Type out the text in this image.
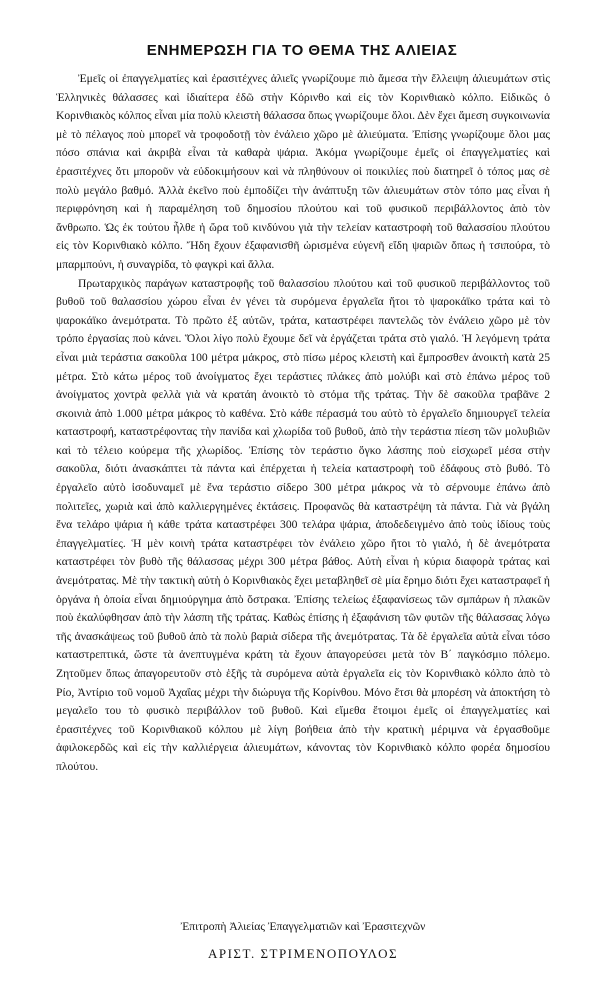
ΕΝΗΜΕΡΩΣΗ ΓΙΑ ΤΟ ΘΕΜΑ ΤΗΣ ΑΛΙΕΙΑΣ

Ἐμεῖς οἱ ἐπαγγελματίες καὶ ἐρασιτέχνες ἁλιεῖς γνωρίζουμε πιὸ ἄμεσα τὴν ἔλλειψη ἀλιευμάτων στὶς Ἑλληνικὲς θάλασσες καὶ ἰδιαίτερα ἐδῶ στὴν Κόρινθο καὶ εἰς τὸν Κορινθιακὸ κόλπο. Εἰδικῶς ὁ Κορινθιακὸς κόλπος εἶναι μία πολὺ κλειστὴ θάλασσα ὅπως γνωρίζουμε ὅλοι. Δὲν ἔχει ἄμεση συγκοινωνία μὲ τὸ πέλαγος ποὺ μπορεῖ νὰ τροφοδοτῇ τὸν ἐνάλειο χῶρο μὲ ἀλιεύματα. Ἐπίσης γνωρίζουμε ὅλοι μας πόσο σπάνια καὶ ἀκριβὰ εἶναι τὰ καθαρὰ ψάρια. Ἀκόμα γνωρίζουμε ἐμεῖς οἱ ἐπαγγελματίες καὶ ἐρασιτέχνες ὅτι μποροῦν νὰ εὐδοκιμήσουν καὶ νὰ πληθύνουν οἱ ποικιλίες ποὺ διατηρεῖ ὁ τόπος μας σὲ πολὺ μεγάλο βαθμό. Ἀλλὰ ἐκεῖνο ποὺ ἐμποδίζει τὴν ἀνάπτυξη τῶν ἀλιευμάτων στὸν τόπο μας εἶναι ἡ περιφρόνηση καὶ ἡ παραμέληση τοῦ δημοσίου πλούτου καὶ τοῦ φυσικοῦ περιβάλλοντος ἀπὸ τὸν ἄνθρωπο. Ὡς ἐκ τούτου ἦλθε ἡ ὥρα τοῦ κινδύνου γιὰ τὴν τελείαν καταστροφὴ τοῦ θαλασσίου πλούτου εἰς τὸν Κορινθιακὸ κόλπο. Ἤδη ἔχουν ἐξαφανισθῆ ὡρισμένα εὐγενῆ εἴδη ψαριῶν ὅπως ἡ τσιπούρα, τὸ μπαρμπούνι, ἡ συναγρίδα, τὸ φαγκρὶ καὶ ἄλλα.

Πρωταρχικὸς παράγων καταστροφῆς τοῦ θαλασσίου πλούτου καὶ τοῦ φυσικοῦ περιβάλλοντος τοῦ βυθοῦ τοῦ θαλασσίου χώρου εἶναι ἐν γένει τὰ συρόμενα ἐργαλεῖα ἤτοι τὸ ψαροκάϊκο τράτα καὶ τὸ ψαροκάϊκο ἀνεμότρατα. Τὸ πρῶτο ἐξ αὐτῶν, τράτα, καταστρέφει παντελῶς τὸν ἐνάλειο χῶρο μὲ τὸν τρόπο ἐργασίας ποὺ κάνει. Ὅλοι λίγο πολὺ ἔχουμε δεῖ νὰ ἐργάζεται τράτα στὸ γιαλό. Ἡ λεγόμενη τράτα εἶναι μιὰ τεράστια σακοῦλα 100 μέτρα μάκρος, στὸ πίσω μέρος κλειστὴ καὶ ἔμπροσθεν ἀνοικτὴ κατὰ 25 μέτρα. Στὸ κάτω μέρος τοῦ ἀνοίγματος ἔχει τεράστιες πλάκες ἀπὸ μολύβι καὶ στὸ ἐπάνω μέρος τοῦ ἀνοίγματος χοντρὰ φελλὰ γιὰ νὰ κρατάη ἀνοικτὸ τὸ στόμα τῆς τράτας. Τὴν δὲ σακοῦλα τραβᾶνε 2 σκοινιὰ ἀπὸ 1.000 μέτρα μάκρος τὸ καθένα. Στὸ κάθε πέρασμά του αὐτὸ τὸ ἐργαλεῖο δημιουργεῖ τελεία καταστροφή, καταστρέφοντας τὴν πανίδα καὶ χλωρίδα τοῦ βυθοῦ, ἀπὸ τὴν τεράστια πίεση τῶν μολυβιῶν καὶ τὸ τέλειο κούρεμα τῆς χλωρίδος. Ἐπίσης τὸν τεράστιο ὄγκο λάσπης ποὺ εἰσχωρεῖ μέσα στὴν σακοῦλα, διότι ἀνασκάπτει τὰ πάντα καὶ ἐπέρχεται ἡ τελεία καταστροφὴ τοῦ ἐδάφους στὸ βυθό. Τὸ ἐργαλεῖο αὐτὸ ἰσοδυναμεῖ μὲ ἕνα τεράστιο σίδερο 300 μέτρα μάκρος νὰ τὸ σέρνουμε ἐπάνω ἀπὸ πολιτεῖες, χωριὰ καὶ ἀπὸ καλλιεργημένες ἐκτάσεις. Προφανῶς θὰ καταστρέψη τὰ πάντα. Γιὰ νὰ βγάλη ἕνα τελάρο ψάρια ἡ κάθε τράτα καταστρέφει 300 τελάρα ψάρια, ἀποδεδειγμένο ἀπὸ τοὺς ἰδίους τοὺς ἐπαγγελματίες. Ἡ μὲν κοινὴ τράτα καταστρέφει τὸν ἐνάλειο χῶρο ἤτοι τὸ γιαλό, ἡ δὲ ἀνεμότρατα καταστρέφει τὸν βυθὸ τῆς θάλασσας μέχρι 300 μέτρα βάθος. Αὐτὴ εἶναι ἡ κύρια διαφορὰ τράτας καὶ ἀνεμότρατας. Μὲ τὴν τακτικὴ αὐτὴ ὁ Κορινθιακὸς ἔχει μεταβληθεῖ σὲ μία ἔρημο διότι ἔχει καταστραφεῖ ἡ ὀργάνα ἡ ὁποία εἶναι δημιούργημα ἀπὸ ὄστρακα. Ἐπίσης τελείως ἐξαφανίσεως τῶν σμπάρων ἡ πλακῶν ποὺ ἐκαλύφθησαν ἀπὸ τὴν λάσπη τῆς τράτας. Καθὼς ἐπίσης ἡ ἐξαφάνιση τῶν φυτῶν τῆς θάλασσας λόγω τῆς ἀνασκάψεως τοῦ βυθοῦ ἀπὸ τὰ πολὺ βαριὰ σίδερα τῆς ἀνεμότρατας. Τὰ δὲ ἐργαλεῖα αὐτὰ εἶναι τόσο καταστρεπτικά, ὥστε τὰ ἀνεπτυγμένα κράτη τὰ ἔχουν ἀπαγορεύσει μετὰ τὸν Β΄ παγκόσμιο πόλεμο. Ζητοῦμεν ὅπως ἀπαγορευτοῦν στὸ ἑξῆς τὰ συρόμενα αὐτὰ ἐργαλεῖα εἰς τὸν Κορινθιακὸ κόλπο ἀπὸ τὸ Ρίο, Ἀντίριο τοῦ νομοῦ Ἀχαΐας μέχρι τὴν διώρυγα τῆς Κορίνθου. Μόνο ἔτσι θὰ μπορέση νὰ ἀποκτήση τὸ μεγαλεῖο του τὸ φυσικὸ περιβάλλον τοῦ βυθοῦ. Καὶ εἴμεθα ἕτοιμοι ἐμεῖς οἱ ἐπαγγελματίες καὶ ἐρασιτέχνες τοῦ Κορινθιακοῦ κόλπου μὲ λίγη βοήθεια ἀπὸ τὴν κρατικὴ μέριμνα νὰ ἐργασθοῦμε ἀφιλοκερδῶς καὶ εἰς τὴν καλλιέργεια ἀλιευμάτων, κάνοντας τὸν Κορινθιακὸ κόλπο φορέα δημοσίου πλούτου.

Ἐπιτροπὴ Ἀλιείας Ἐπαγγελματιῶν καὶ Ἐρασιτεχνῶν

ΑΡΙΣΤ. ΣΤΡΙΜΕΝΟΠΟΥΛΟΣ
